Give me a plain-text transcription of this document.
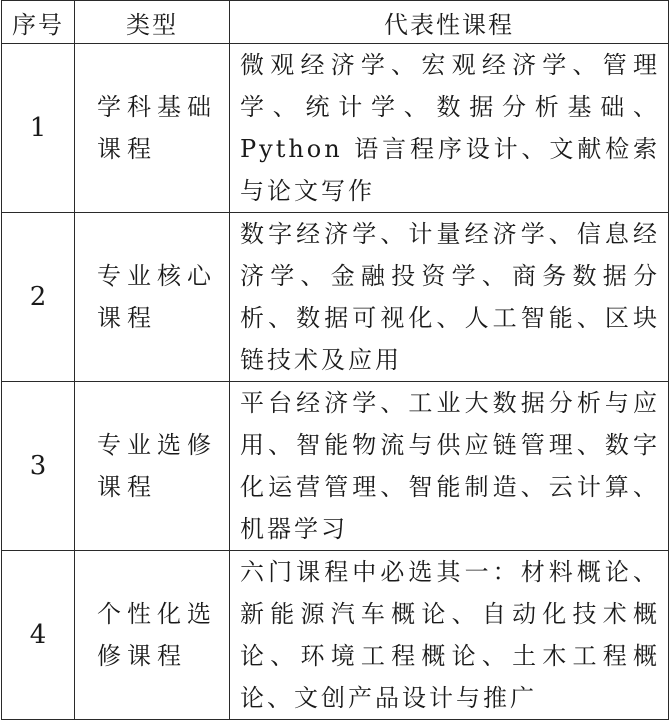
序号	类型	代表性课程
1	学科基础课程	微观经济学、宏观经济学、管理学、统计学、数据分析基础、Python 语言程序设计、文献检索与论文写作
2	专业核心课程	数字经济学、计量经济学、信息经济学、金融投资学、商务数据分析、数据可视化、人工智能、区块链技术及应用
3	专业选修课程	平台经济学、工业大数据分析与应用、智能物流与供应链管理、数字化运营管理、智能制造、云计算、机器学习
4	个性化选修课程	六门课程中必选其一：材料概论、新能源汽车概论、自动化技术概论、环境工程概论、土木工程概论、文创产品设计与推广
